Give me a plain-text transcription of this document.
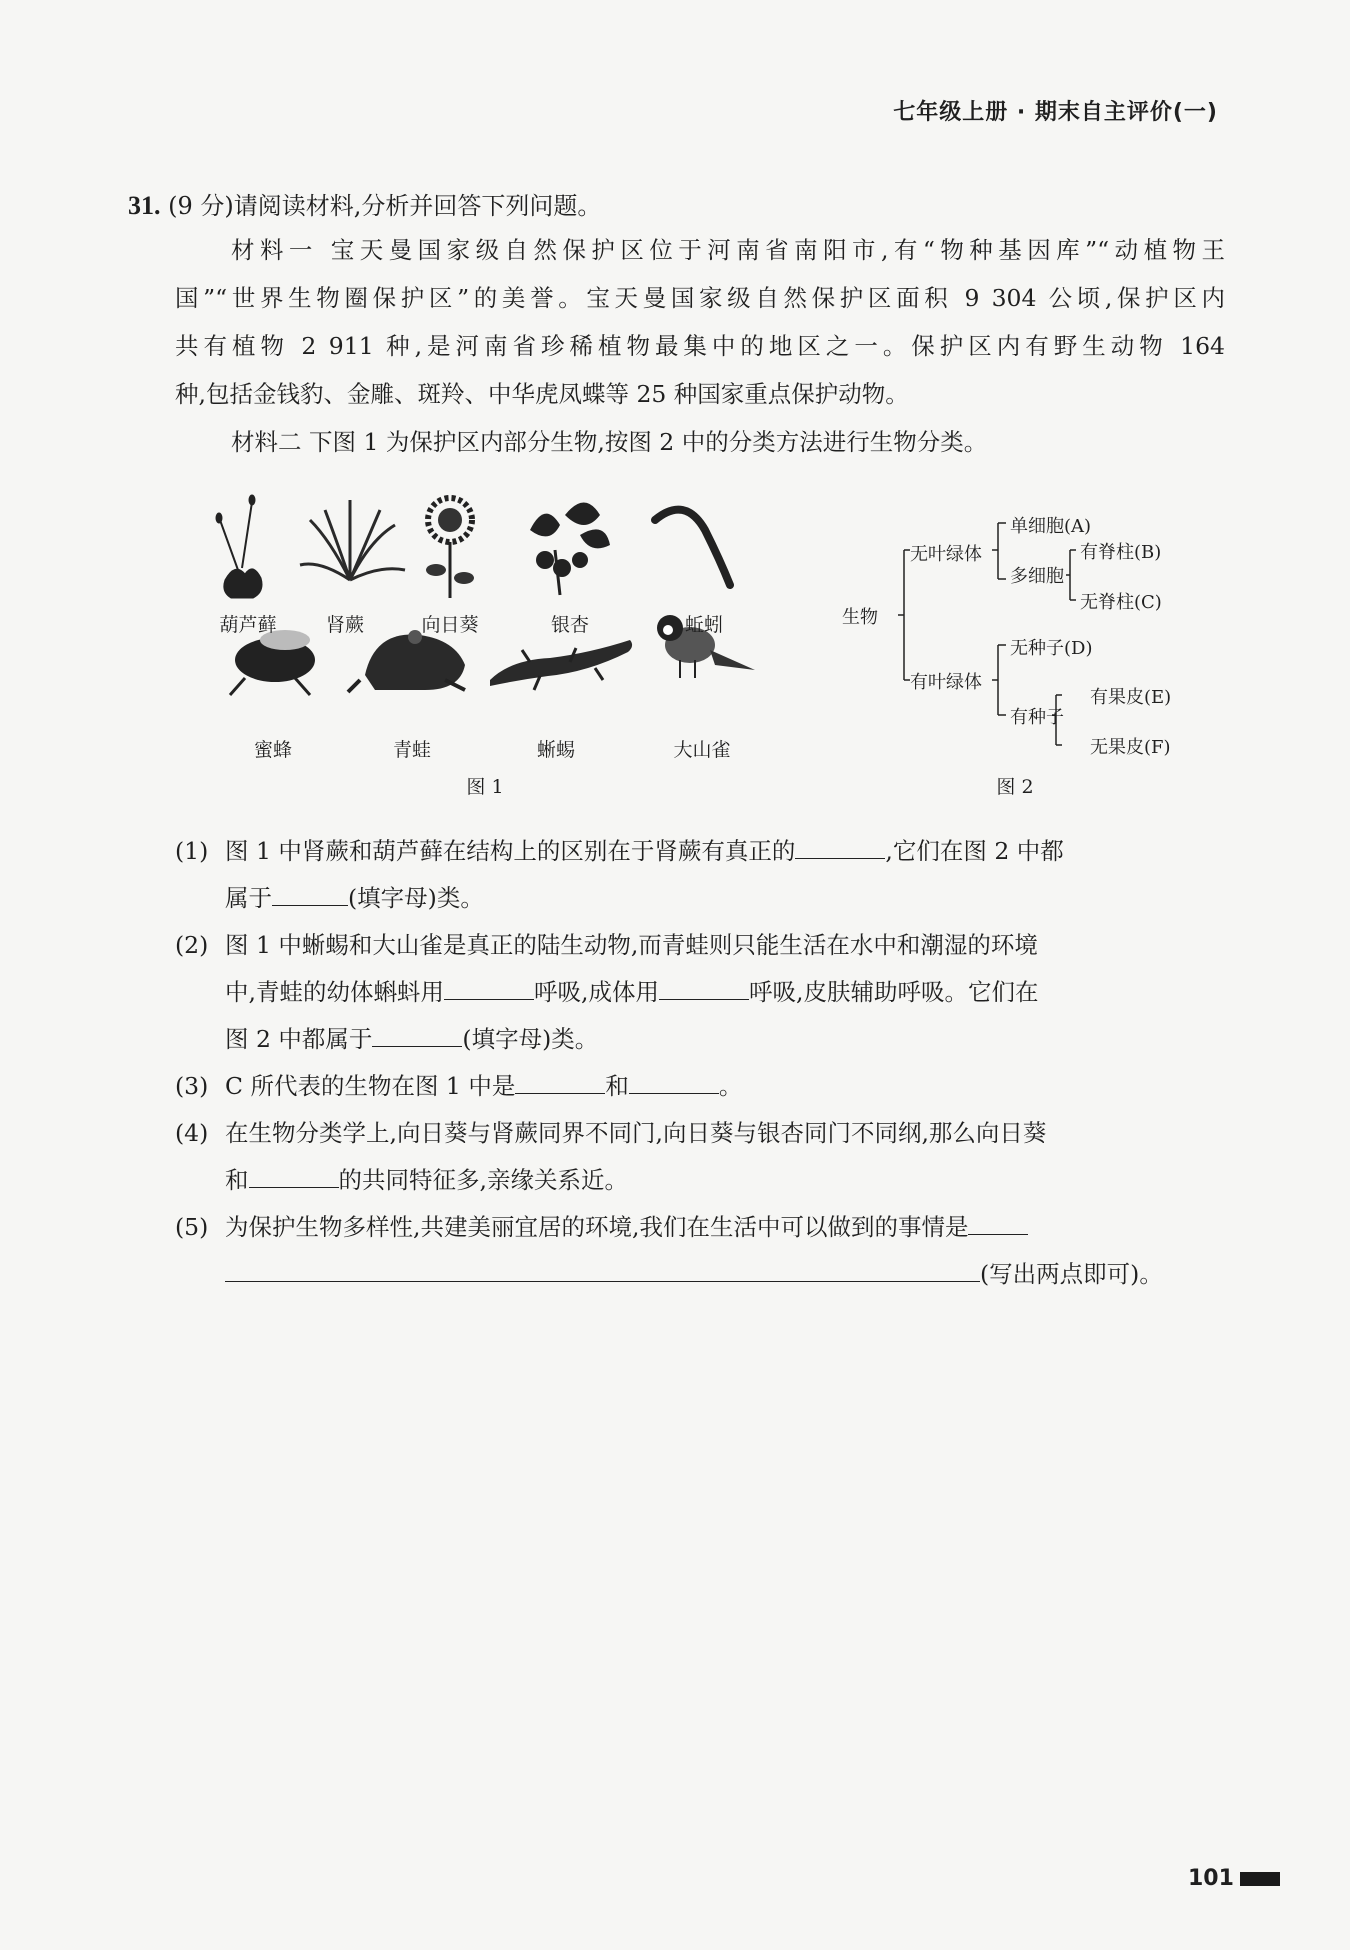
七年级上册 · 期末自主评价(一)
31. (9 分)请阅读材料,分析并回答下列问题。
材料一 宝天曼国家级自然保护区位于河南省南阳市,有“物种基因库”“动植物王
国”“世界生物圈保护区”的美誉。宝天曼国家级自然保护区面积 9 304 公顷,保护区内
共有植物 2 911 种,是河南省珍稀植物最集中的地区之一。保护区内有野生动物 164
种,包括金钱豹、金雕、斑羚、中华虎凤蝶等 25 种国家重点保护动物。
材料二 下图 1 为保护区内部分生物,按图 2 中的分类方法进行生物分类。
葫芦藓	肾蕨	向日葵	银杏	蚯蚓
蜜蜂	青蛙	蜥蜴	大山雀
图 1
生物
无叶绿体
单细胞(A)
多细胞
有脊柱(B)
无脊柱(C)
有叶绿体
无种子(D)
有种子
有果皮(E)
无果皮(F)
图 2
(1) 图 1 中肾蕨和葫芦藓在结构上的区别在于肾蕨有真正的	,它们在图 2 中都
属于	(填字母)类。
(2) 图 1 中蜥蜴和大山雀是真正的陆生动物,而青蛙则只能生活在水中和潮湿的环境
中,青蛙的幼体蝌蚪用	呼吸,成体用	呼吸,皮肤辅助呼吸。它们在
图 2 中都属于	(填字母)类。
(3) C 所代表的生物在图 1 中是	和	。
(4) 在生物分类学上,向日葵与肾蕨同界不同门,向日葵与银杏同门不同纲,那么向日葵
和	的共同特征多,亲缘关系近。
(5) 为保护生物多样性,共建美丽宜居的环境,我们在生活中可以做到的事情是
(写出两点即可)。
101
